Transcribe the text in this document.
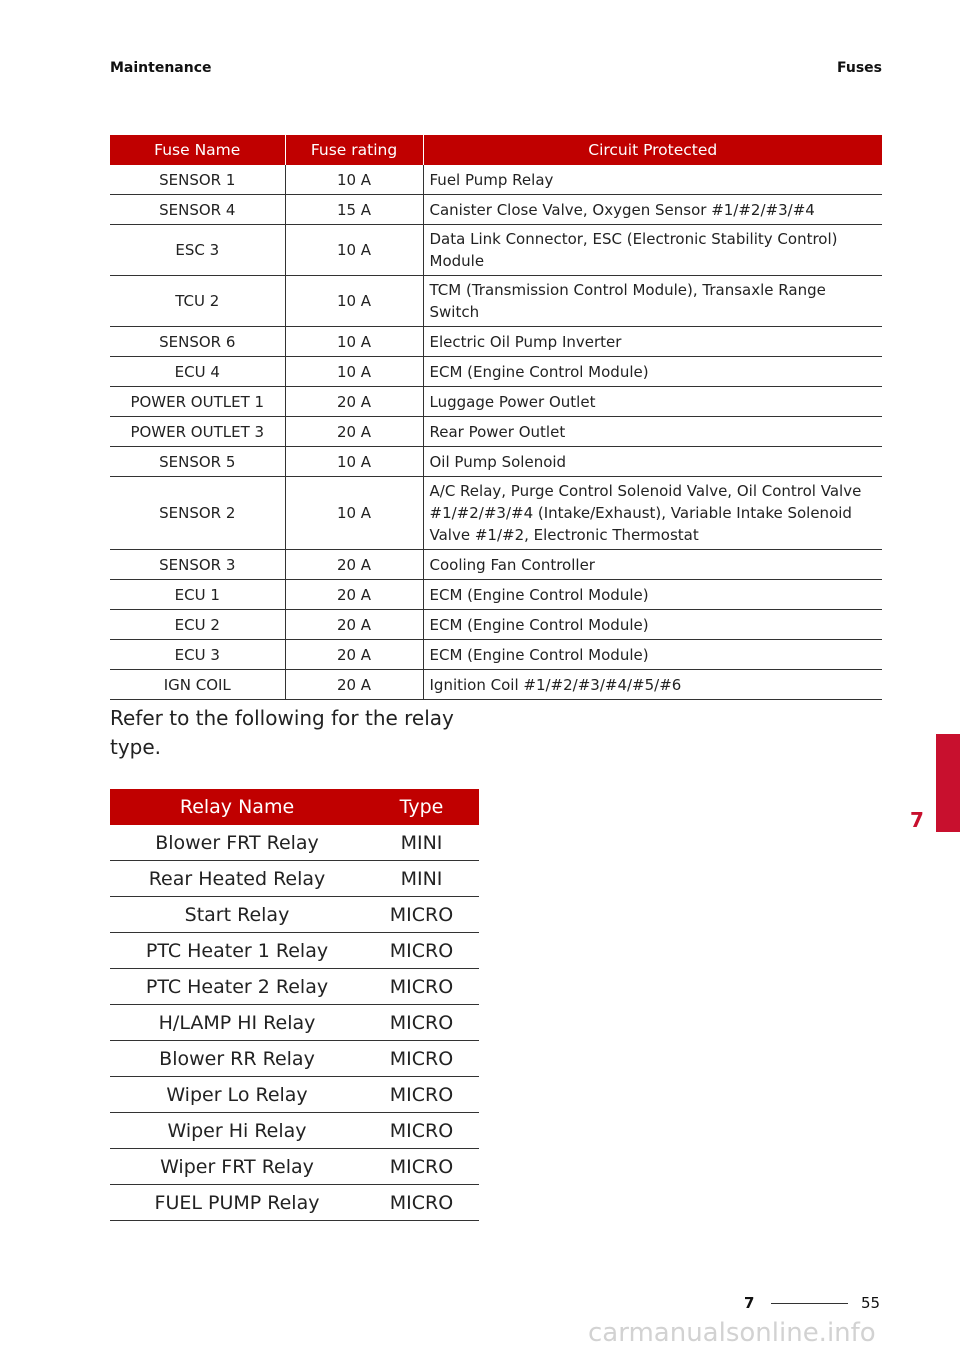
Maintenance	Fuses
Fuse Name	Fuse rating	Circuit Protected
SENSOR 1	10 A	Fuel Pump Relay
SENSOR 4	15 A	Canister Close Valve, Oxygen Sensor #1/#2/#3/#4
ESC 3	10 A	Data Link Connector, ESC (Electronic Stability Control) Module
TCU 2	10 A	TCM (Transmission Control Module), Transaxle Range Switch
SENSOR 6	10 A	Electric Oil Pump Inverter
ECU 4	10 A	ECM (Engine Control Module)
POWER OUTLET 1	20 A	Luggage Power Outlet
POWER OUTLET 3	20 A	Rear Power Outlet
SENSOR 5	10 A	Oil Pump Solenoid
SENSOR 2	10 A	A/C Relay, Purge Control Solenoid Valve, Oil Control Valve #1/#2/#3/#4 (Intake/Exhaust), Variable Intake Solenoid Valve #1/#2, Electronic Thermostat
SENSOR 3	20 A	Cooling Fan Controller
ECU 1	20 A	ECM (Engine Control Module)
ECU 2	20 A	ECM (Engine Control Module)
ECU 3	20 A	ECM (Engine Control Module)
IGN COIL	20 A	Ignition Coil #1/#2/#3/#4/#5/#6
Refer to the following for the relay type.
Relay Name	Type
Blower FRT Relay	MINI
Rear Heated Relay	MINI
Start Relay	MICRO
PTC Heater 1 Relay	MICRO
PTC Heater 2 Relay	MICRO
H/LAMP HI Relay	MICRO
Blower RR Relay	MICRO
Wiper Lo Relay	MICRO
Wiper Hi Relay	MICRO
Wiper FRT Relay	MICRO
FUEL PUMP Relay	MICRO
7
7	55
carmanualsonline.info
